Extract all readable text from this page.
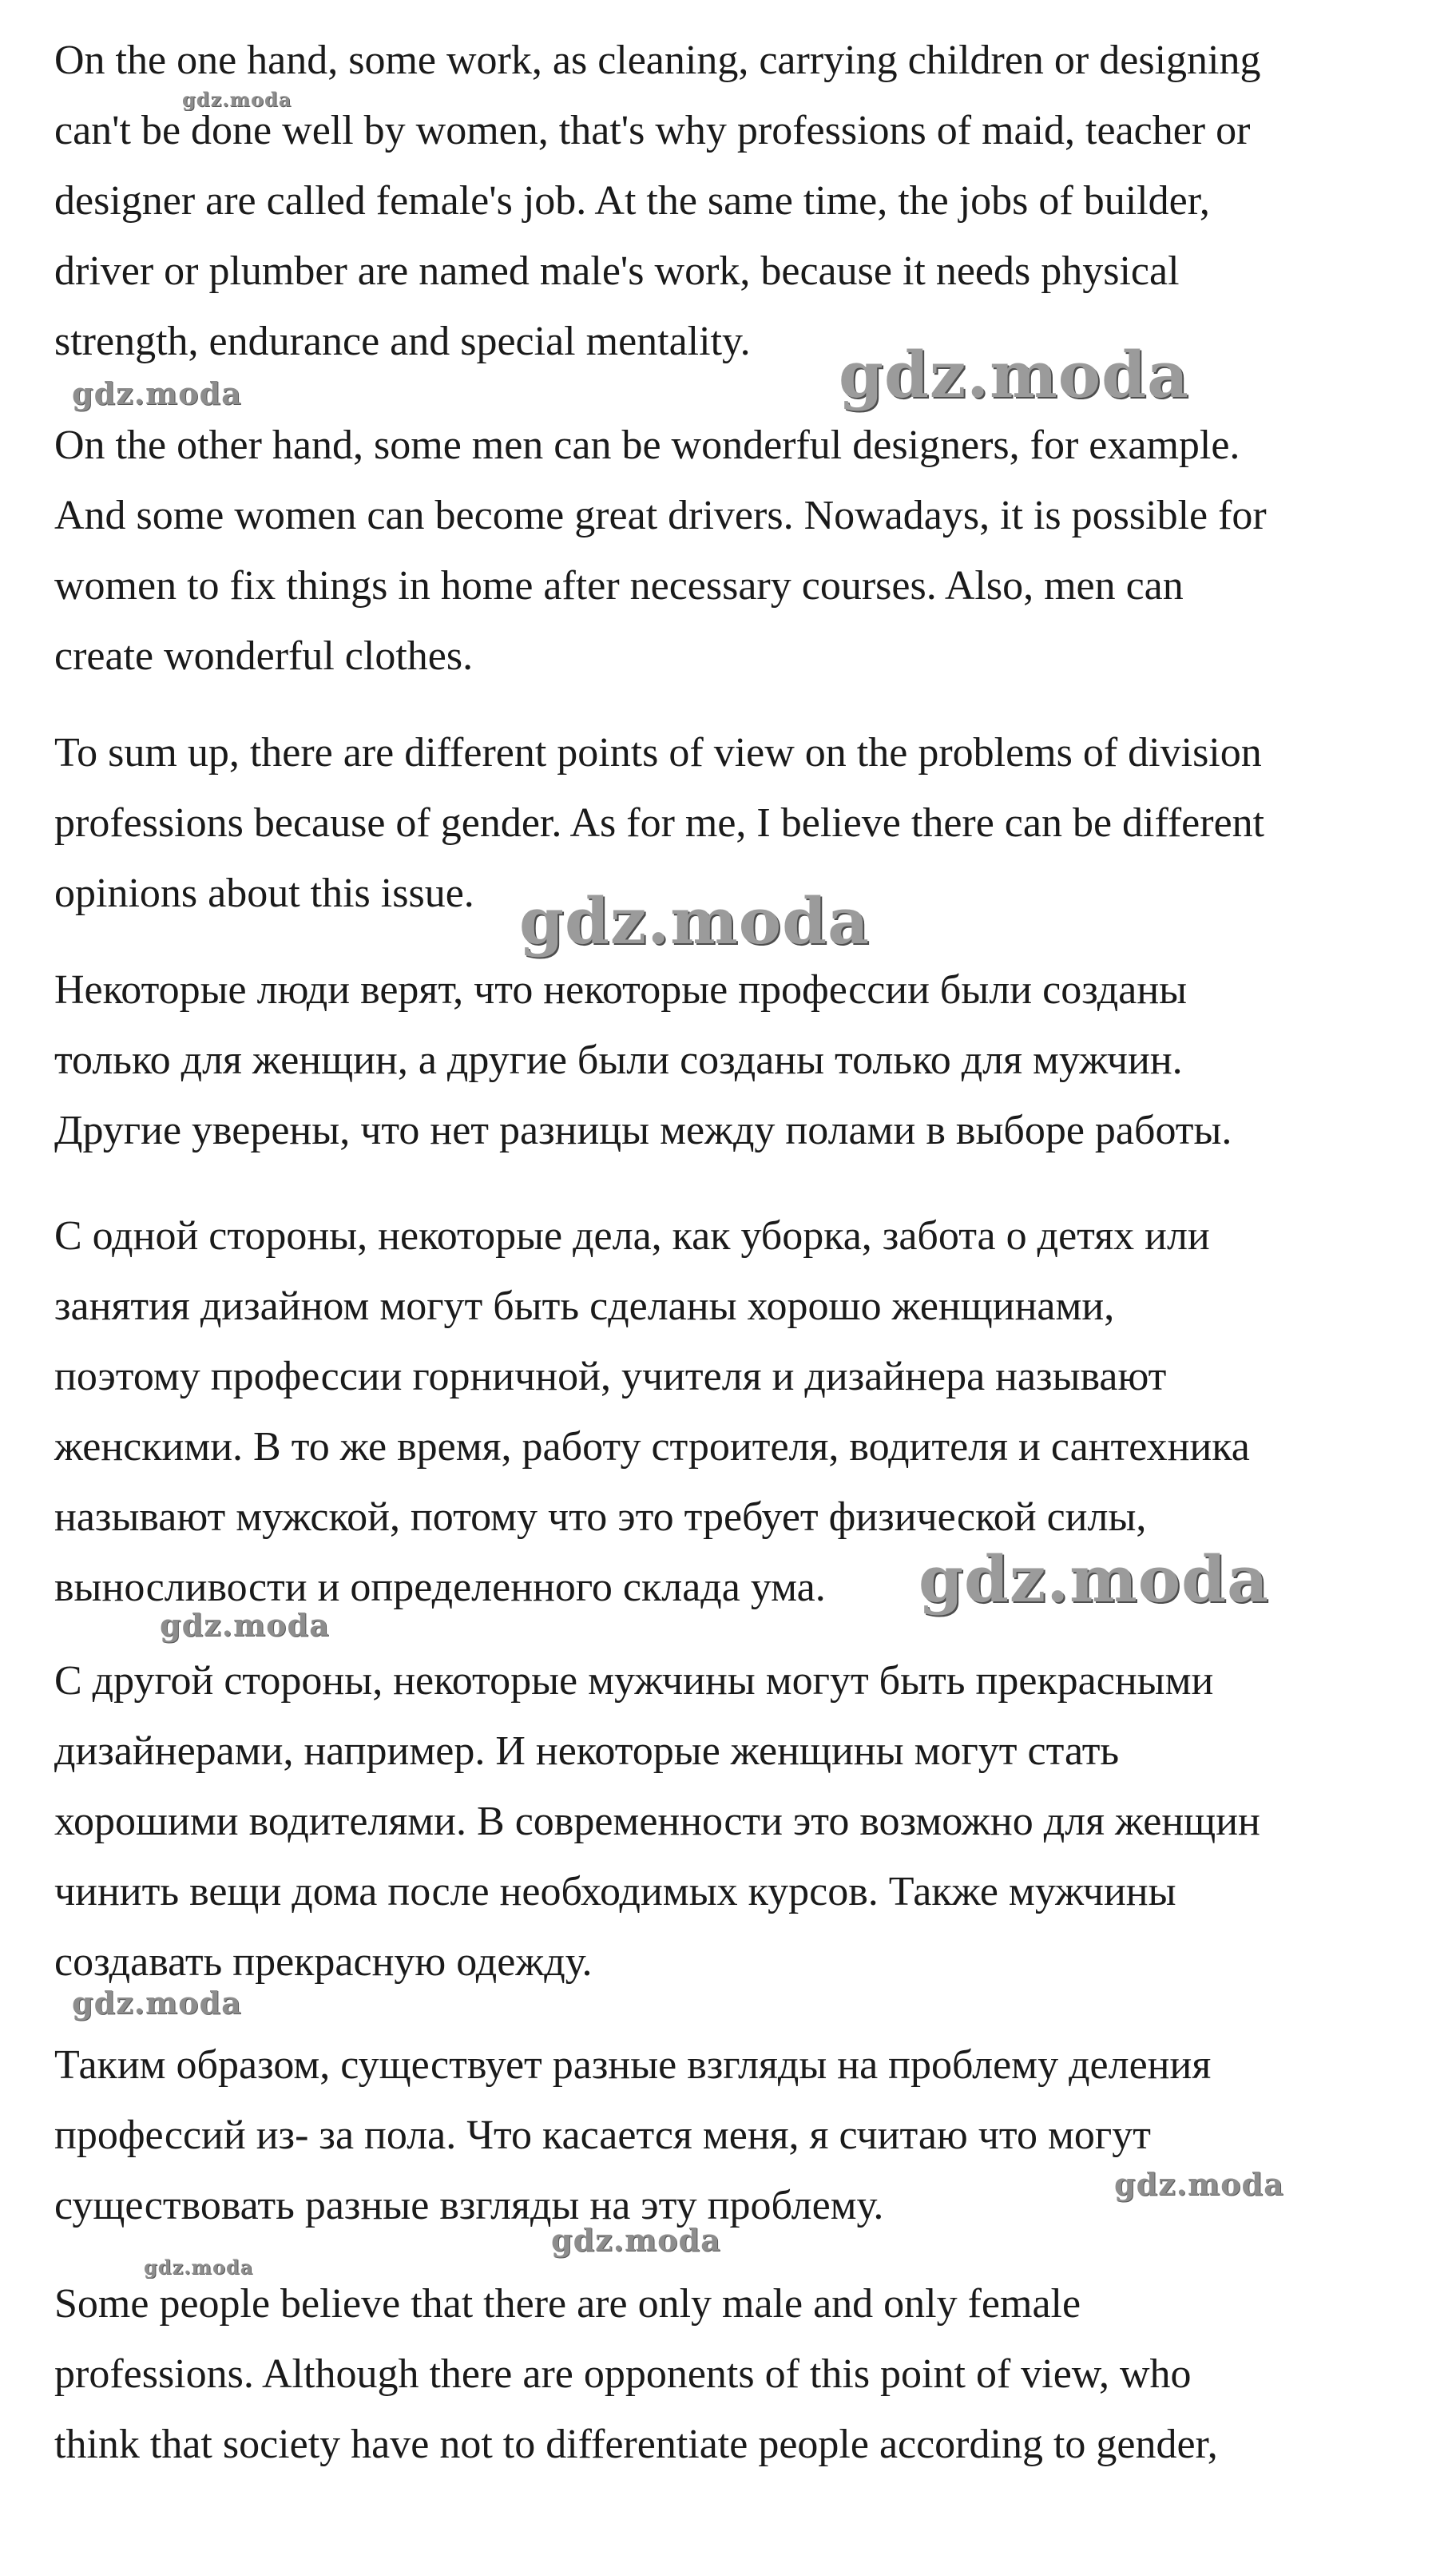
On the one hand, some work, as cleaning, carrying children or designing
can't be done well by women, that's why professions of maid, teacher or
designer are called female's job. At the same time, the jobs of builder,
driver or plumber are named male's work, because it needs physical
strength, endurance and special mentality.

On the other hand, some men can be wonderful designers, for example.
And some women can become great drivers. Nowadays, it is possible for
women to fix things in home after necessary courses. Also, men can
create wonderful clothes.

To sum up, there are different points of view on the problems of division
professions because of gender. As for me, I believe there can be different
opinions about this issue.

Некоторые люди верят, что некоторые профессии были созданы
только для женщин, а другие были созданы только для мужчин.
Другие уверены, что нет разницы между полами в выборе работы.

С одной стороны, некоторые дела, как уборка, забота о детях или
занятия дизайном могут быть сделаны хорошо женщинами,
поэтому профессии горничной, учителя и дизайнера называют
женскими. В то же время, работу строителя, водителя и сантехника
называют мужской, потому что это требует физической силы,
выносливости и определенного склада ума.

С другой стороны, некоторые мужчины могут быть прекрасными
дизайнерами, например. И некоторые женщины могут стать
хорошими водителями. В современности это возможно для женщин
чинить вещи дома после необходимых курсов. Также мужчины
создавать прекрасную одежду.

Таким образом, существует разные взгляды на проблему деления
профессий из- за пола. Что касается меня, я считаю что могут
существовать разные взгляды на эту проблему.

Some people believe that there are only male and only female
professions. Although there are opponents of this point of view, who
think that society have not to differentiate people according to gender,

gdz.moda
gdz.moda	gdz.moda
gdz.moda
gdz.moda
gdz.moda
gdz.moda
gdz.moda
gdz.moda
gdz.moda
